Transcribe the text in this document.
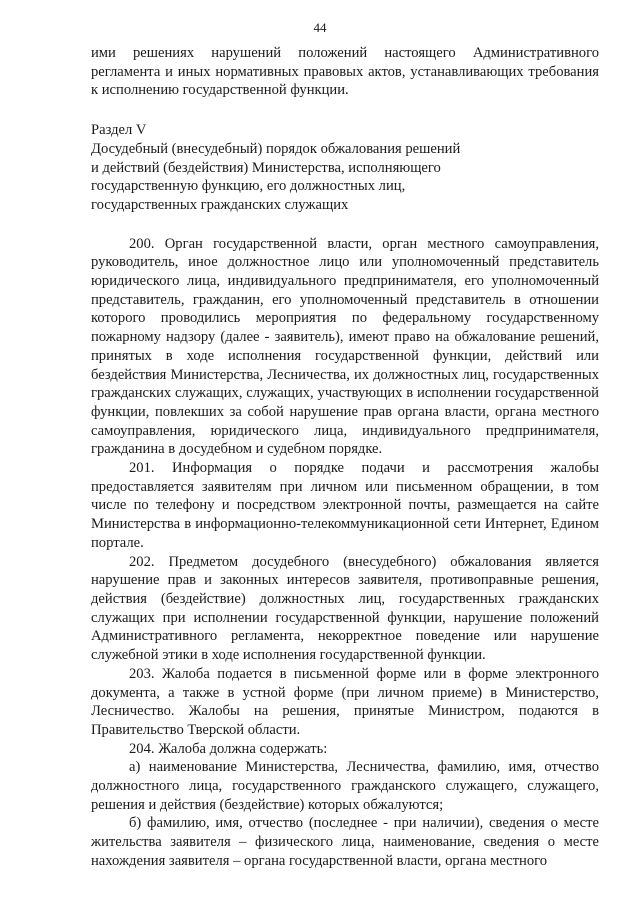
44

ими решениях нарушений положений настоящего Административного регламента и иных нормативных правовых актов, устанавливающих требования к исполнению государственной функции.

Раздел V

Досудебный (внесудебный) порядок обжалования решений
и действий (бездействия) Министерства, исполняющего
государственную функцию, его должностных лиц,
государственных гражданских служащих

200. Орган государственной власти, орган местного самоуправления, руководитель, иное должностное лицо или уполномоченный представитель юридического лица, индивидуального предпринимателя, его уполномоченный представитель, гражданин, его уполномоченный представитель в отношении которого проводились мероприятия по федеральному государственному пожарному надзору (далее - заявитель), имеют право на обжалование решений, принятых в ходе исполнения государственной функции, действий или бездействия Министерства, Лесничества, их должностных лиц, государственных гражданских служащих, служащих, участвующих в исполнении государственной функции, повлекших за собой нарушение прав органа власти, органа местного самоуправления, юридического лица, индивидуального предпринимателя, гражданина в досудебном и судебном порядке.

201. Информация о порядке подачи и рассмотрения жалобы предоставляется заявителям при личном или письменном обращении, в том числе по телефону и посредством электронной почты, размещается на сайте Министерства в информационно-телекоммуникационной сети Интернет, Едином портале.

202. Предметом досудебного (внесудебного) обжалования является нарушение прав и законных интересов заявителя, противоправные решения, действия (бездействие) должностных лиц, государственных гражданских служащих при исполнении государственной функции, нарушение положений Административного регламента, некорректное поведение или нарушение служебной этики в ходе исполнения государственной функции.

203. Жалоба подается в письменной форме или в форме электронного документа, а также в устной форме (при личном приеме) в Министерство, Лесничество. Жалобы на решения, принятые Министром, подаются в Правительство Тверской области.

204. Жалоба должна содержать:

а) наименование Министерства, Лесничества, фамилию, имя, отчество должностного лица, государственного гражданского служащего, служащего, решения и действия (бездействие) которых обжалуются;

б) фамилию, имя, отчество (последнее - при наличии), сведения о месте жительства заявителя – физического лица, наименование, сведения о месте нахождения заявителя – органа государственной власти, органа местного
